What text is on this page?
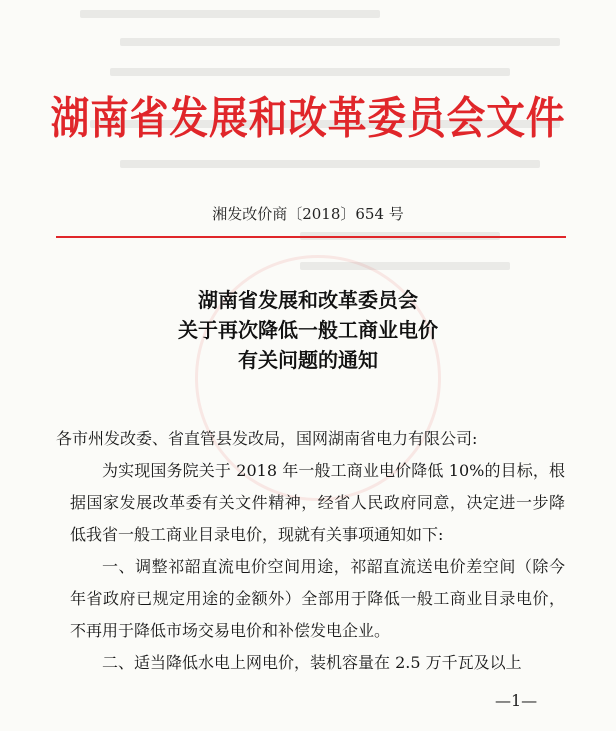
湖南省发展和改革委员会文件
湘发改价商〔2018〕654 号
湖南省发展和改革委员会
关于再次降低一般工商业电价
有关问题的通知

各市州发改委、省直管县发改局，国网湖南省电力有限公司:

为实现国务院关于 2018 年一般工商业电价降低 10%的目标，根据国家发展改革委有关文件精神，经省人民政府同意，决定进一步降低我省一般工商业目录电价，现就有关事项通知如下:

一、调整祁韶直流电价空间用途，祁韶直流送电价差空间（除今年省政府已规定用途的金额外）全部用于降低一般工商业目录电价，不再用于降低市场交易电价和补偿发电企业。

二、适当降低水电上网电价，装机容量在 2.5 万千瓦及以上

—1—
